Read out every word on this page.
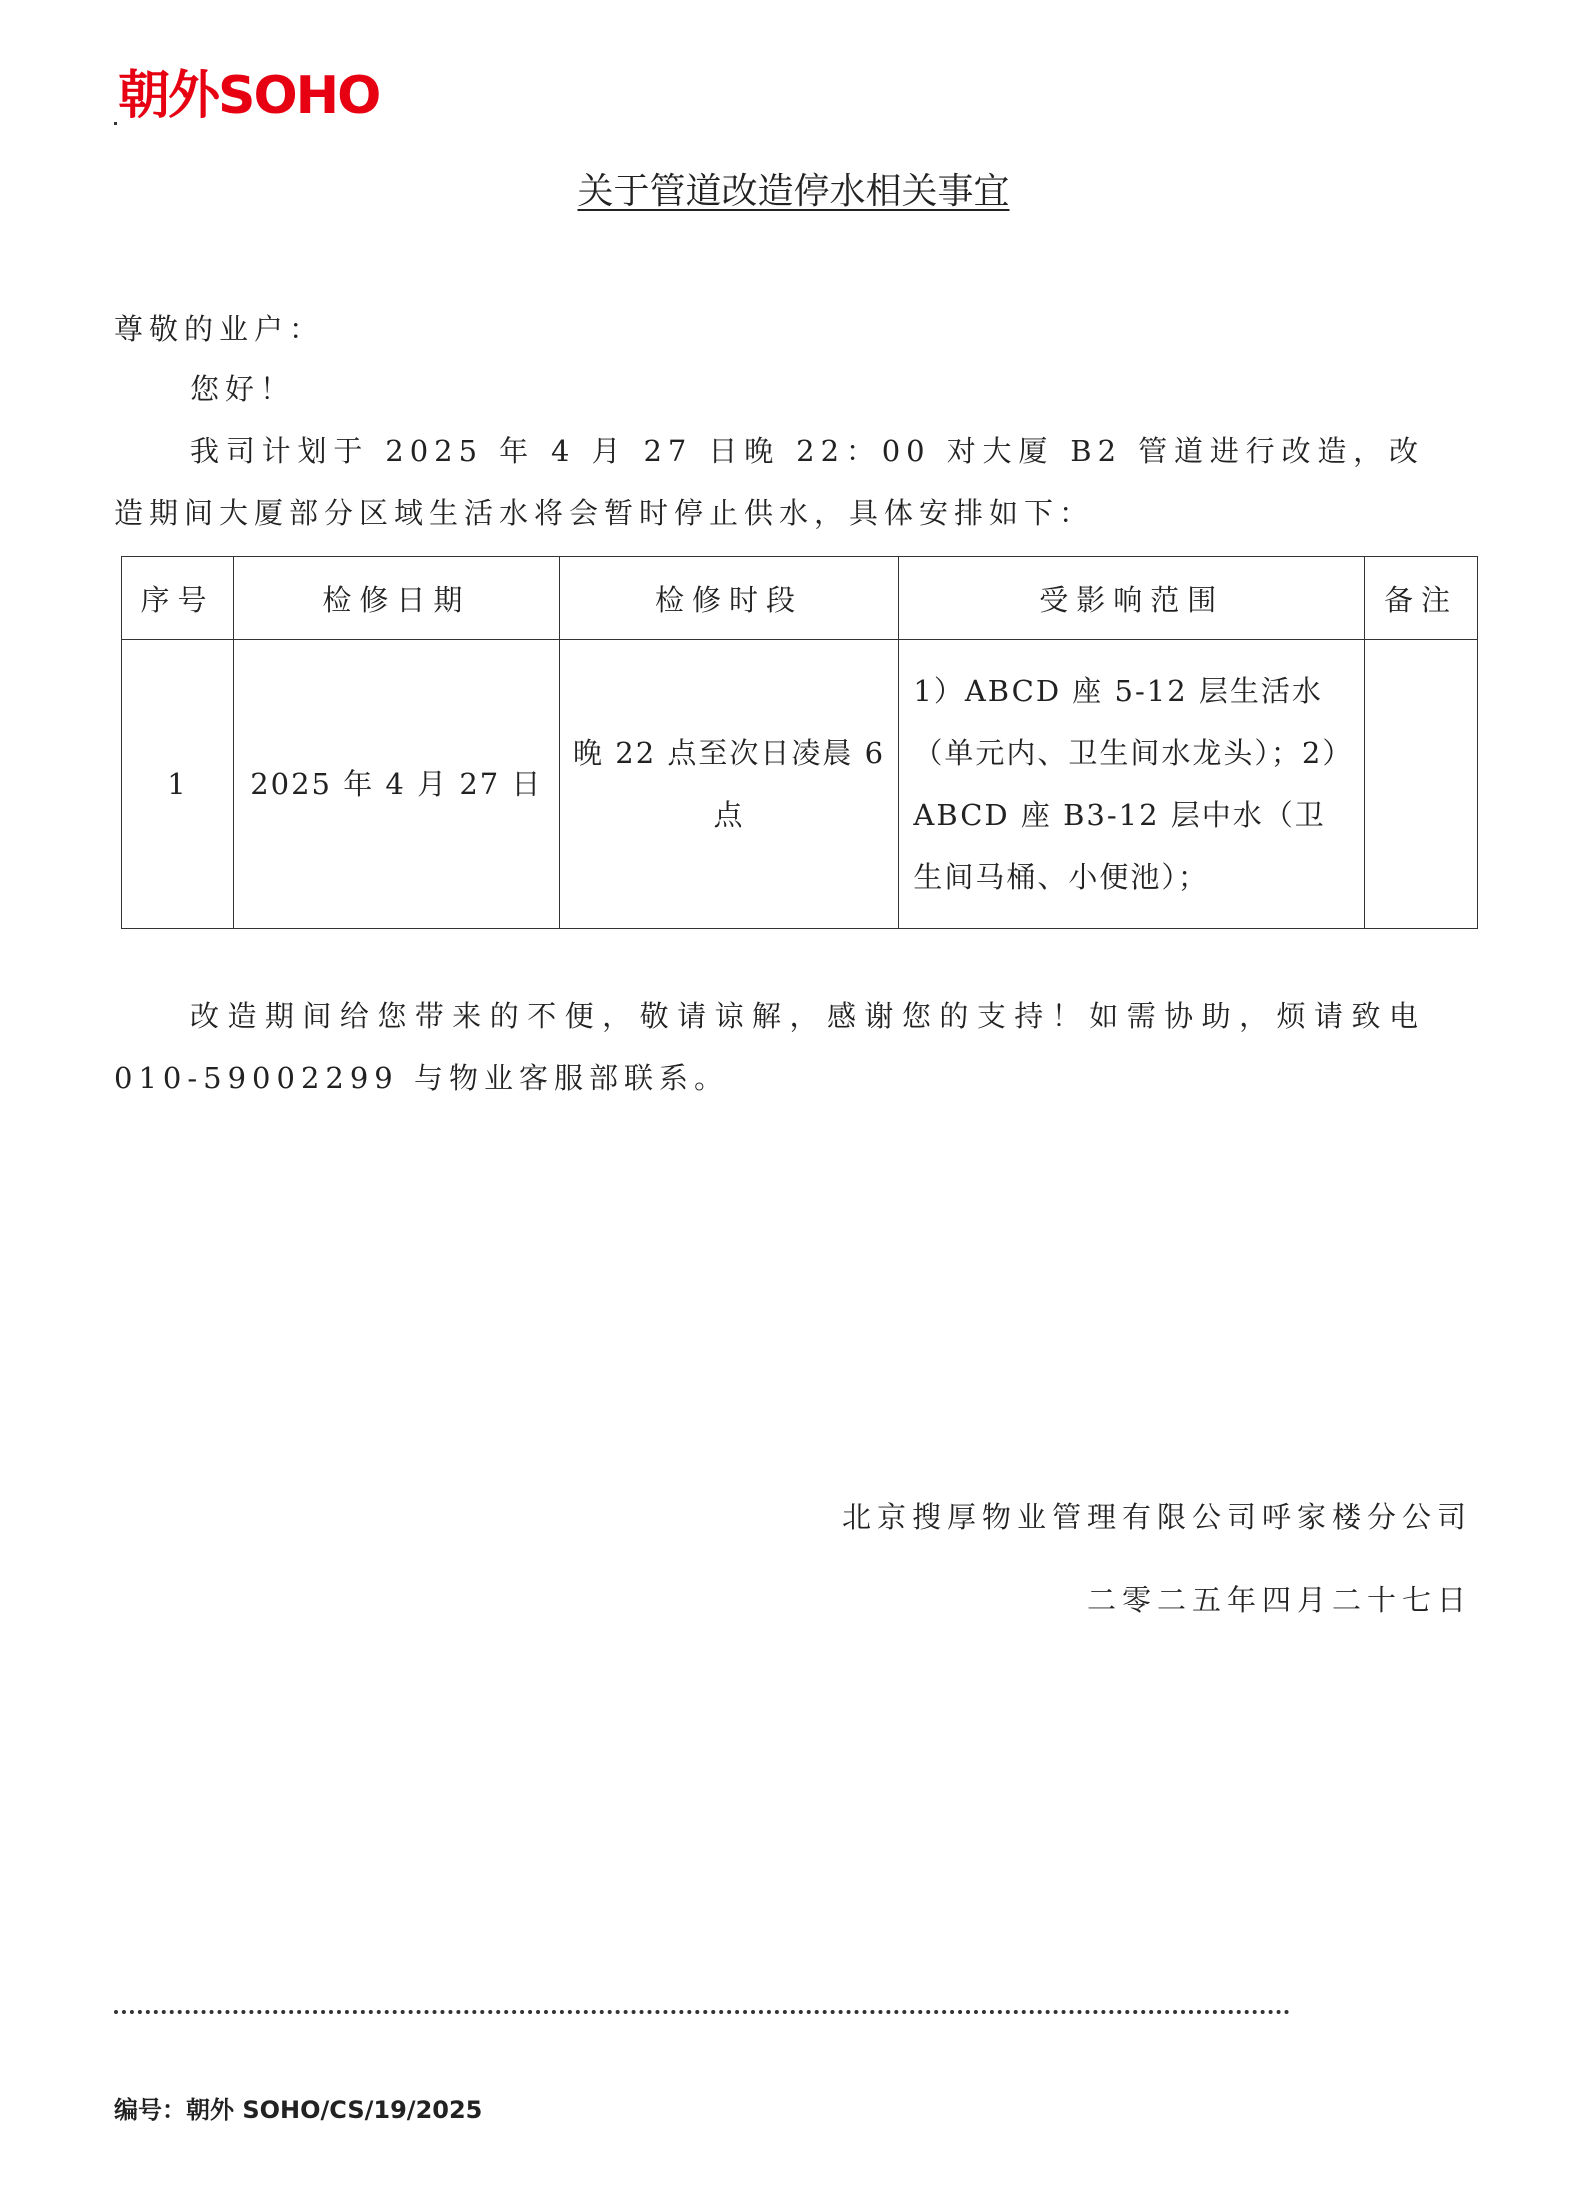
朝外SOHO
关于管道改造停水相关事宜
尊敬的业户：
您好！
我司计划于 2025 年 4 月 27 日晚 22：00 对大厦 B2 管道进行改造，改造期间大厦部分区域生活水将会暂时停止供水，具体安排如下：
序号	检修日期	检修时段	受影响范围	备注
1	2025 年 4 月 27 日	晚 22 点至次日凌晨 6 点	1）ABCD 座 5-12 层生活水（单元内、卫生间水龙头）；2）ABCD 座 B3-12 层中水（卫生间马桶、小便池）；	
改造期间给您带来的不便，敬请谅解，感谢您的支持！如需协助，烦请致电 010-59002299 与物业客服部联系。
北京搜厚物业管理有限公司呼家楼分公司
二零二五年四月二十七日
编号：朝外 SOHO/CS/19/2025
